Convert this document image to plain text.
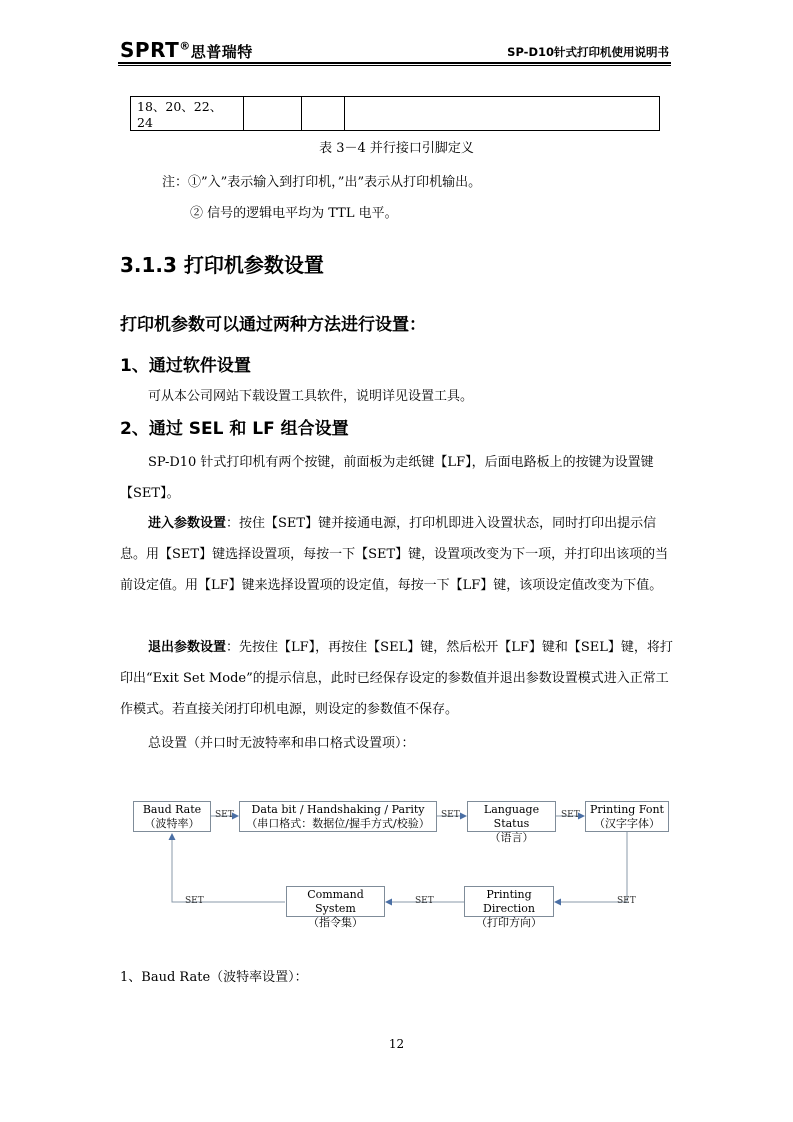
SPRT®思普瑞特	SP-D10针式打印机使用说明书
18、20、22、24			
表 3－4 并行接口引脚定义
注：①”入”表示输入到打印机，”出”表示从打印机输出。
② 信号的逻辑电平均为 TTL 电平。
3.1.3 打印机参数设置
打印机参数可以通过两种方法进行设置：
1、通过软件设置
可从本公司网站下载设置工具软件，说明详见设置工具。
2、通过 SEL 和 LF 组合设置
SP-D10 针式打印机有两个按键，前面板为走纸键【LF】，后面电路板上的按键为设置键【SET】。
进入参数设置：按住【SET】键并接通电源，打印机即进入设置状态，同时打印出提示信息。用【SET】键选择设置项，每按一下【SET】键，设置项改变为下一项，并打印出该项的当前设定值。用【LF】键来选择设置项的设定值，每按一下【LF】键，该项设定值改变为下值。
退出参数设置：先按住【LF】，再按住【SEL】键，然后松开【LF】键和【SEL】键，将打印出“Exit Set Mode”的提示信息，此时已经保存设定的参数值并退出参数设置模式进入正常工作模式。若直接关闭打印机电源，则设定的参数值不保存。
总设置（并口时无波特率和串口格式设置项）：
Baud Rate
（波特率）
Data bit / Handshaking / Parity
（串口格式：数据位/握手方式/校验）
Language Status
（语言）
Printing Font
（汉字字体）
Printing Direction
（打印方向）
Command System
（指令集）
SET	SET	SET
SET
SET
SET
1、Baud Rate（波特率设置）：
12
